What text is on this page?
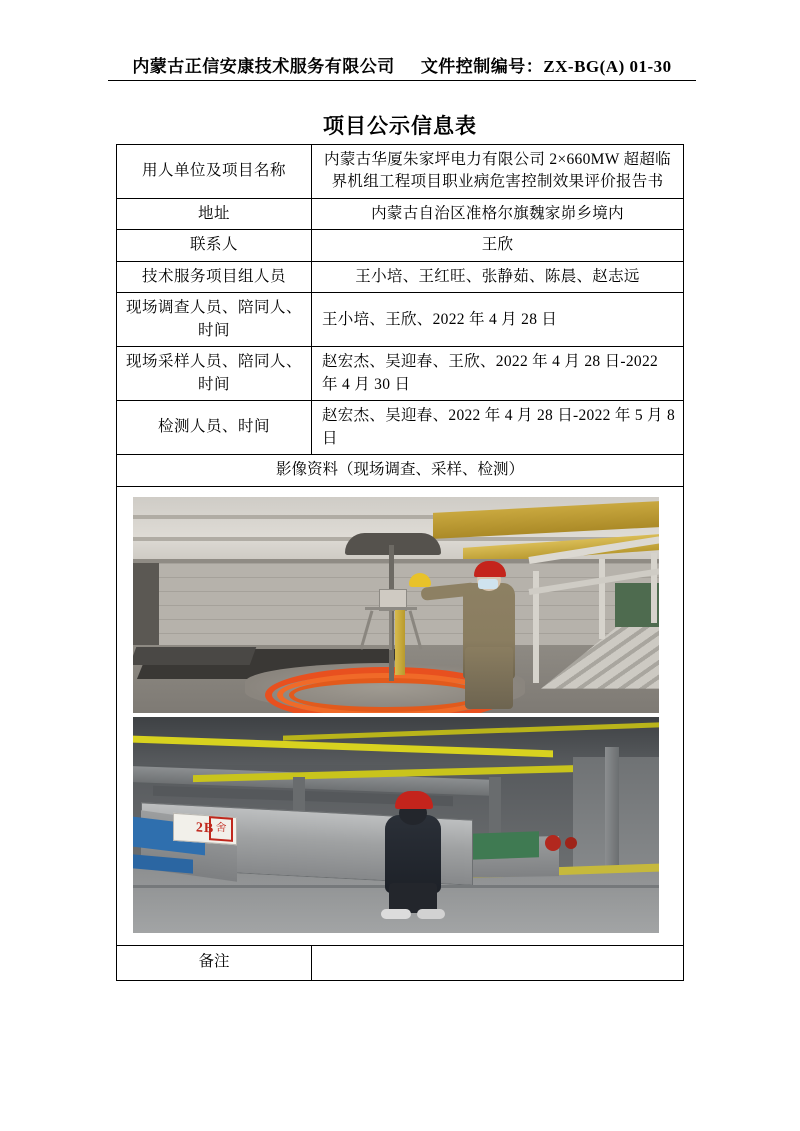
内蒙古正信安康技术服务有限公司 文件控制编号：ZX-BG(A) 01-30
项目公示信息表
用人单位及项目名称	内蒙古华厦朱家坪电力有限公司 2×660MW 超超临界机组工程项目职业病危害控制效果评价报告书
地址	内蒙古自治区准格尔旗魏家峁乡境内
联系人	王欣
技术服务项目组人员	王小培、王红旺、张静茹、陈晨、赵志远
现场调查人员、陪同人、时间	王小培、王欣、2022 年 4 月 28 日
现场采样人员、陪同人、时间	赵宏杰、吴迎春、王欣、2022 年 4 月 28 日-2022 年 4 月 30 日
检测人员、时间	赵宏杰、吴迎春、2022 年 4 月 28 日-2022 年 5 月 8 日
影像资料（现场调查、采样、检测）	

2B 舍	

备注	
